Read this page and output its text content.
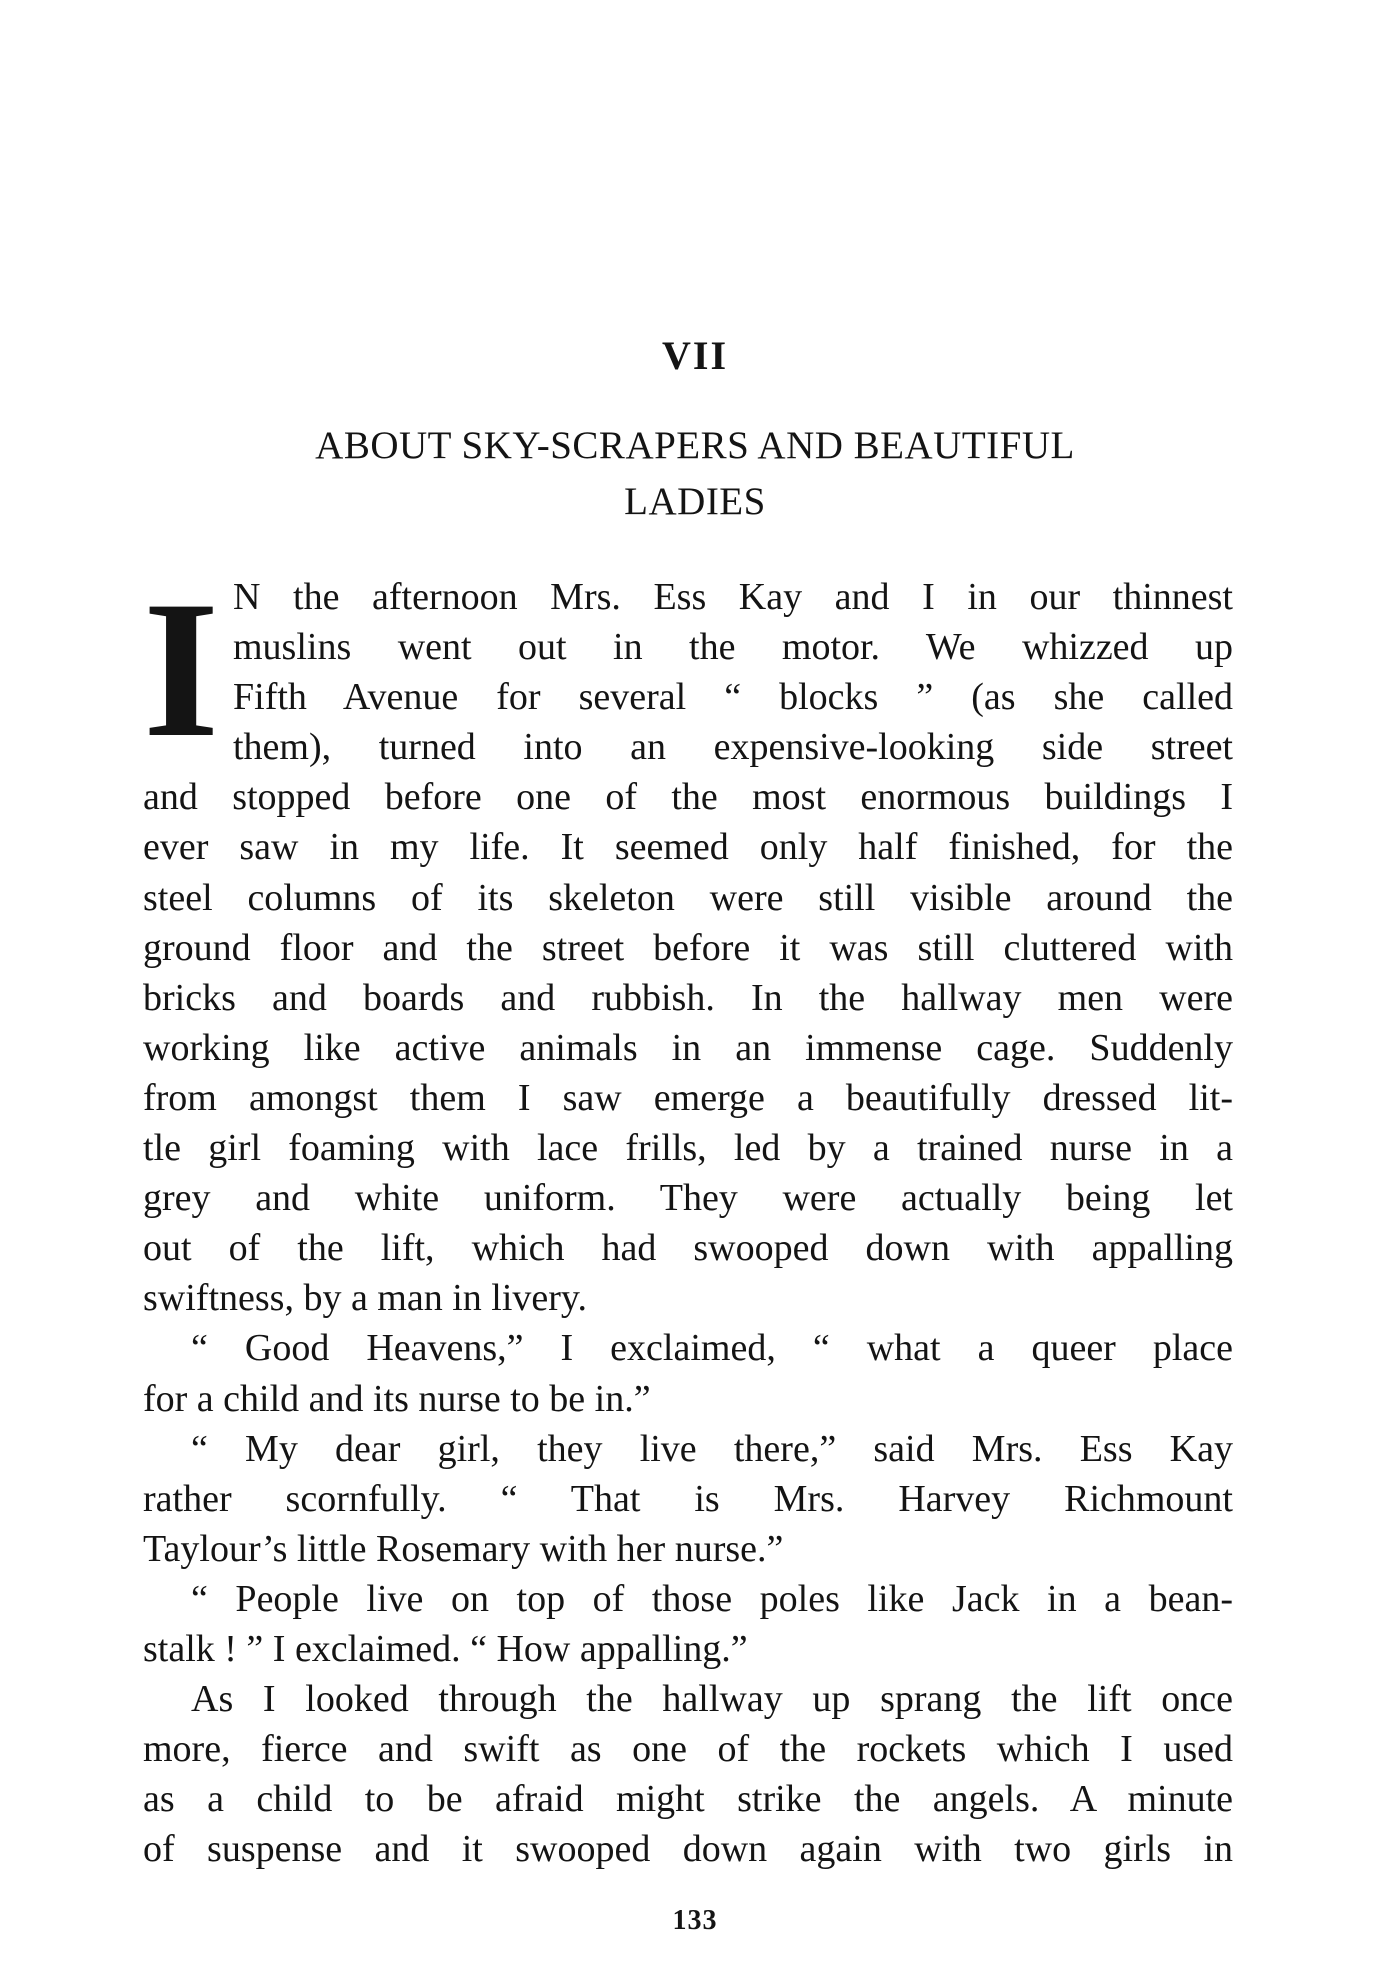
VII
ABOUT SKY-SCRAPERS AND BEAUTIFUL
LADIES
I N the afternoon Mrs. Ess Kay and I in our thinnest
muslins went out in the motor. We whizzed up
Fifth Avenue for several “ blocks ” (as she called
them), turned into an expensive-looking side street
and stopped before one of the most enormous buildings I
ever saw in my life. It seemed only half finished, for the
steel columns of its skeleton were still visible around the
ground floor and the street before it was still cluttered with
bricks and boards and rubbish. In the hallway men were
working like active animals in an immense cage. Suddenly
from amongst them I saw emerge a beautifully dressed lit-
tle girl foaming with lace frills, led by a trained nurse in a
grey and white uniform. They were actually being let
out of the lift, which had swooped down with appalling
swiftness, by a man in livery.
“ Good Heavens,” I exclaimed, “ what a queer place
for a child and its nurse to be in.”
“ My dear girl, they live there,” said Mrs. Ess Kay
rather scornfully. “ That is Mrs. Harvey Richmount
Taylour’s little Rosemary with her nurse.”
“ People live on top of those poles like Jack in a bean-
stalk ! ” I exclaimed. “ How appalling.”
As I looked through the hallway up sprang the lift once
more, fierce and swift as one of the rockets which I used
as a child to be afraid might strike the angels. A minute
of suspense and it swooped down again with two girls in
133
